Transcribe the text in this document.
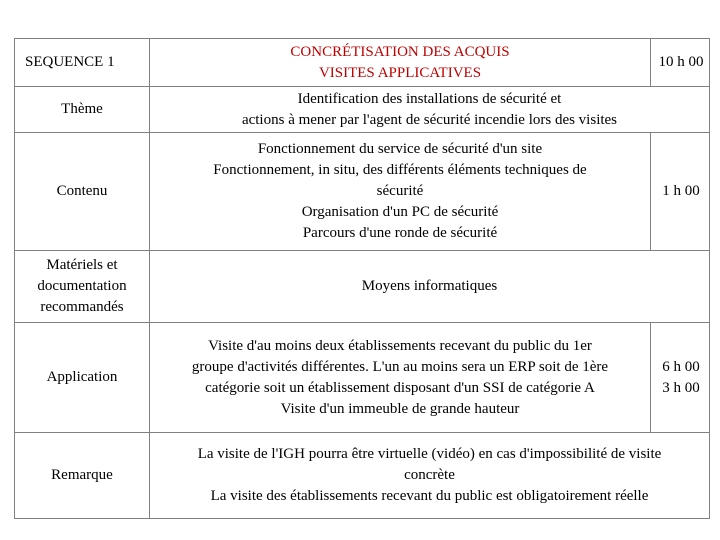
SEQUENCE 1	CONCRÉTISATION DES ACQUIS
VISITES APPLICATIVES	10 h 00
Thème	Identification des installations de sécurité et
actions à mener par l'agent de sécurité incendie lors des visites	

Contenu	Fonctionnement du service de sécurité d'un site
Fonctionnement, in situ, des différents éléments techniques de
sécurité
Organisation d'un PC de sécurité
Parcours d'une ronde de sécurité	1 h 00

Matériels et
documentation
recommandés	Moyens informatiques	
Application	Visite d'au moins deux établissements recevant du public du 1er
groupe d'activités différentes. L'un au moins sera un ERP soit de 1ère
catégorie soit un établissement disposant d'un SSI de catégorie A
Visite d'un immeuble de grande hauteur	6 h 00
3 h 00

Remarque	La visite de l'IGH pourra être virtuelle (vidéo) en cas d'impossibilité de visite
concrète
La visite des établissements recevant du public est obligatoirement réelle	
